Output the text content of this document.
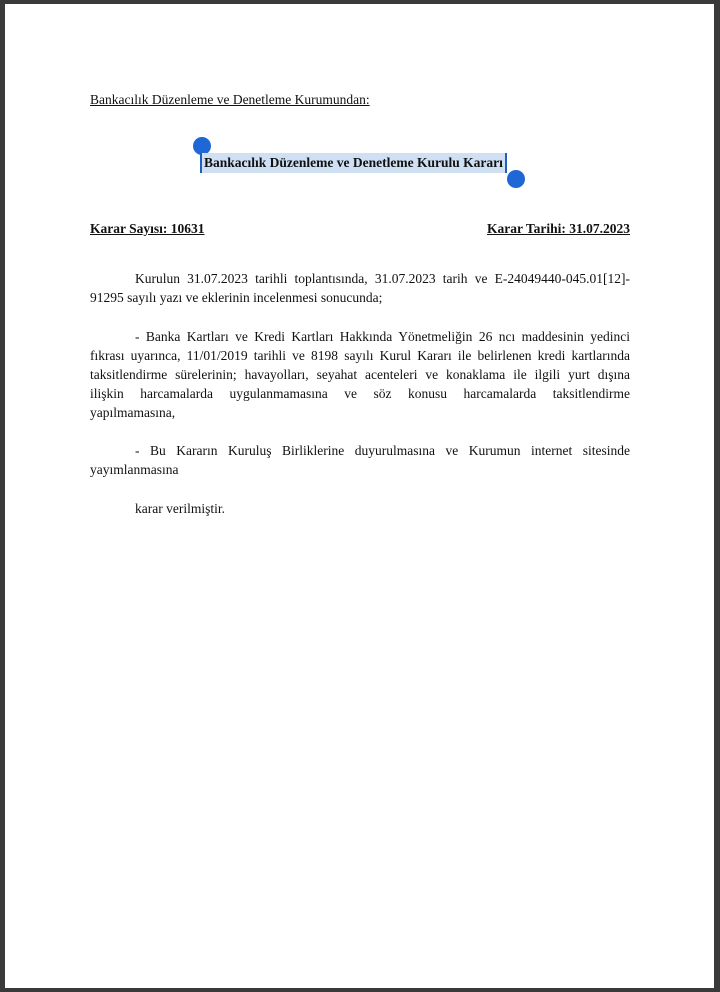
Bankacılık Düzenleme ve Denetleme Kurumundan:
Bankacılık Düzenleme ve Denetleme Kurulu Kararı
Karar Sayısı: 10631	Karar Tarihi: 31.07.2023
Kurulun 31.07.2023 tarihli toplantısında, 31.07.2023 tarih ve E-24049440-045.01[12]-
91295 sayılı yazı ve eklerinin incelenmesi sonucunda;
- Banka Kartları ve Kredi Kartları Hakkında Yönetmeliğin 26 ncı maddesinin yedinci
fıkrası uyarınca, 11/01/2019 tarihli ve 8198 sayılı Kurul Kararı ile belirlenen kredi kartlarında
taksitlendirme sürelerinin; havayolları, seyahat acenteleri ve konaklama ile ilgili yurt dışına
ilişkin harcamalarda uygulanmamasına ve söz konusu harcamalarda taksitlendirme
yapılmamasına,
- Bu Kararın Kuruluş Birliklerine duyurulmasına ve Kurumun internet sitesinde
yayımlanmasına
karar verilmiştir.
